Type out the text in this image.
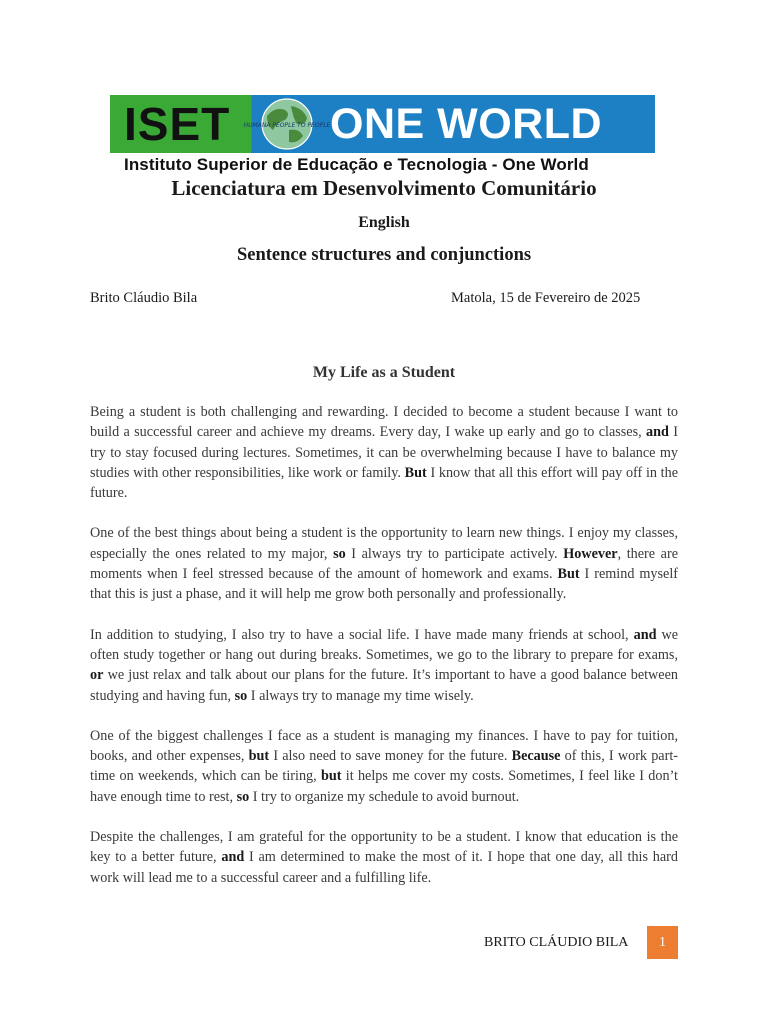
ISET HUMANA PEOPLE TO PEOPLE ONE WORLD
Instituto Superior de Educação e Tecnologia - One World
Licenciatura em Desenvolvimento Comunitário
English
Sentence structures and conjunctions
Brito Cláudio Bila	Matola, 15 de Fevereiro de 2025
My Life as a Student

Being a student is both challenging and rewarding. I decided to become a student because I want to build a successful career and achieve my dreams. Every day, I wake up early and go to classes, and I try to stay focused during lectures. Sometimes, it can be overwhelming because I have to balance my studies with other responsibilities, like work or family. But I know that all this effort will pay off in the future.

One of the best things about being a student is the opportunity to learn new things. I enjoy my classes, especially the ones related to my major, so I always try to participate actively. However, there are moments when I feel stressed because of the amount of homework and exams. But I remind myself that this is just a phase, and it will help me grow both personally and professionally.

In addition to studying, I also try to have a social life. I have made many friends at school, and we often study together or hang out during breaks. Sometimes, we go to the library to prepare for exams, or we just relax and talk about our plans for the future. It’s important to have a good balance between studying and having fun, so I always try to manage my time wisely.

One of the biggest challenges I face as a student is managing my finances. I have to pay for tuition, books, and other expenses, but I also need to save money for the future. Because of this, I work part-time on weekends, which can be tiring, but it helps me cover my costs. Sometimes, I feel like I don’t have enough time to rest, so I try to organize my schedule to avoid burnout.

Despite the challenges, I am grateful for the opportunity to be a student. I know that education is the key to a better future, and I am determined to make the most of it. I hope that one day, all this hard work will lead me to a successful career and a fulfilling life.

BRITO CLÁUDIO BILA	1
